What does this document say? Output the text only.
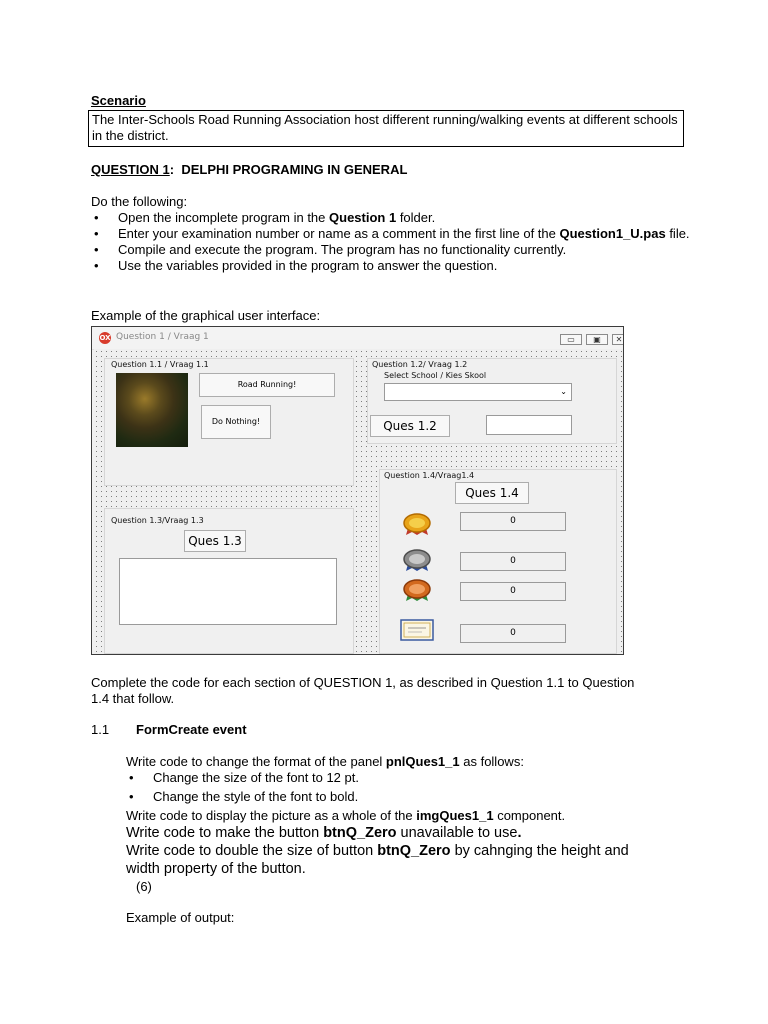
Scenario
The Inter-Schools Road Running Association host different running/walking events at different schools in the district.
QUESTION 1: DELPHI PROGRAMING IN GENERAL
Do the following:
• Open the incomplete program in the Question 1 folder.
• Enter your examination number or name as a comment in the first line of the Question1_U.pas file.
• Compile and execute the program. The program has no functionality currently.
• Use the variables provided in the program to answer the question.
Example of the graphical user interface:
OX Question 1 / Vraag 1	▭	▣	✕
Question 1.1 / Vraag 1.1
Road Running!
Do Nothing!
Question 1.2/ Vraag 1.2
Select School / Kies Skool
⌄
Ques 1.2
Question 1.3/Vraag 1.3
Ques 1.3
Question 1.4/Vraag1.4
Ques 1.4
0
0
0
0
Complete the code for each section of QUESTION 1, as described in Question 1.1 to Question 1.4 that follow.
1.1 FormCreate event
Write code to change the format of the panel pnlQues1_1 as follows:
• Change the size of the font to 12 pt.
• Change the style of the font to bold.
Write code to display the picture as a whole of the imgQues1_1 component.
Write code to make the button btnQ_Zero unavailable to use.
Write code to double the size of button btnQ_Zero by cahnging the height and width property of the button.
(6)
Example of output:
